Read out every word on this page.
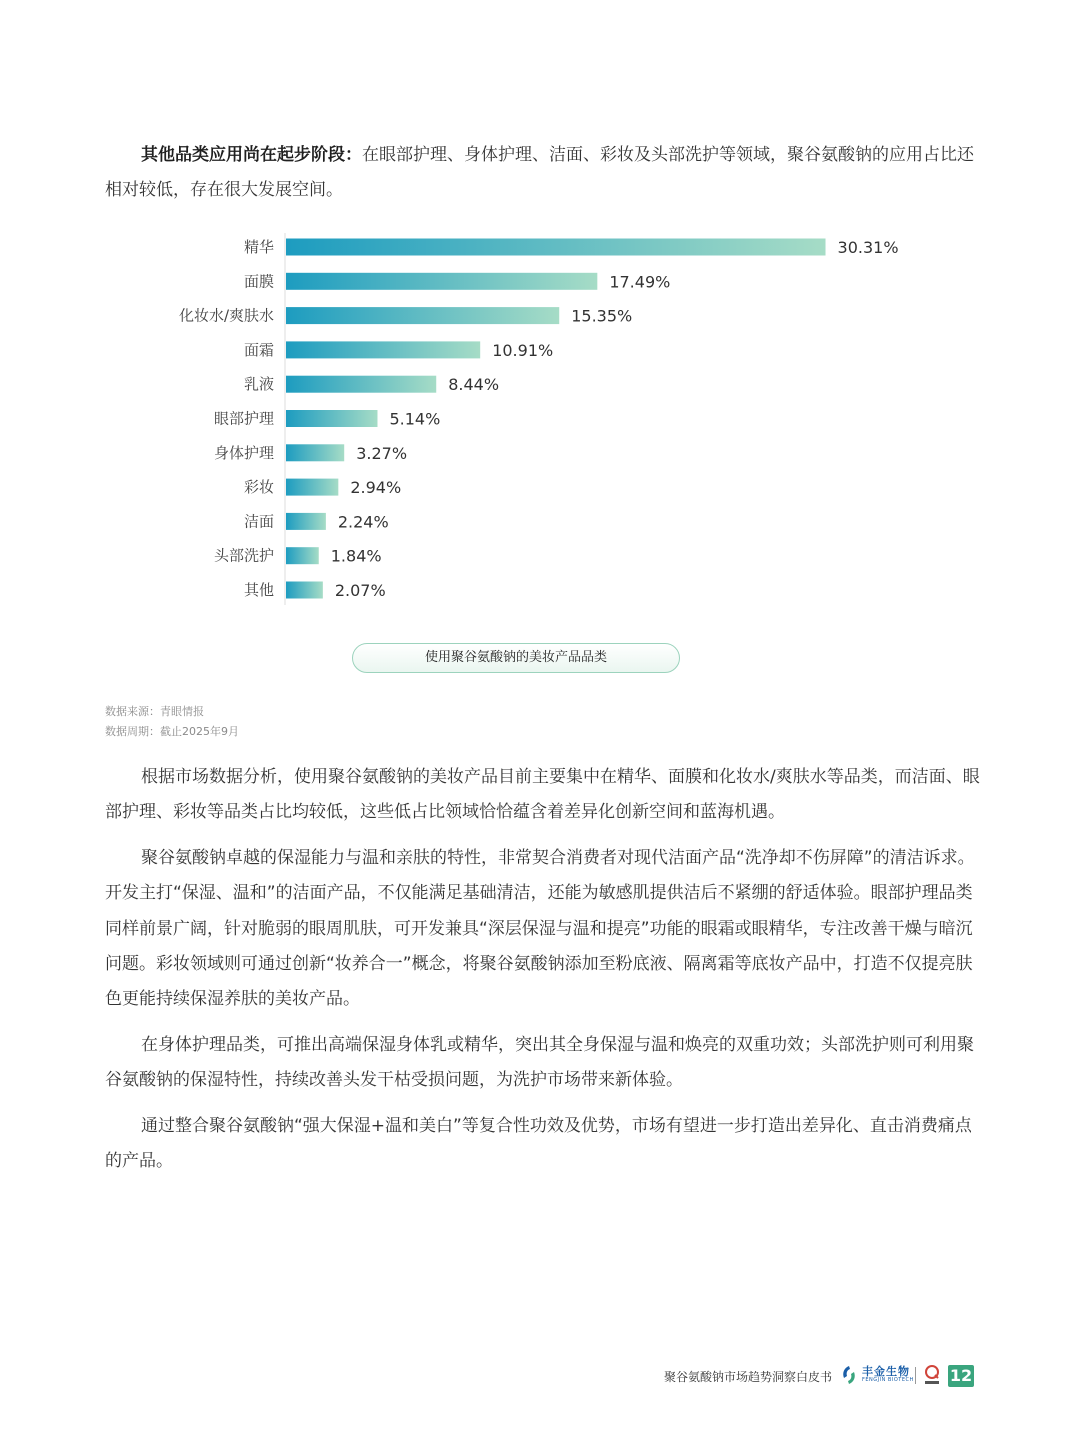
其他品类应用尚在起步阶段：在眼部护理、身体护理、洁面、彩妆及头部洗护等领域，聚谷氨酸钠的应用占比还相对较低，存在很大发展空间。

精华	30.31%
面膜	17.49%
化妆水/爽肤水	15.35%
面霜	10.91%
乳液	8.44%
眼部护理	5.14%
身体护理	3.27%
彩妆	2.94%
洁面	2.24%
头部洗护	1.84%
其他	2.07%
使用聚谷氨酸钠的美妆产品品类
数据来源：青眼情报
数据周期：截止2025年9月

根据市场数据分析，使用聚谷氨酸钠的美妆产品目前主要集中在精华、面膜和化妆水/爽肤水等品类，而洁面、眼部护理、彩妆等品类占比均较低，这些低占比领域恰恰蕴含着差异化创新空间和蓝海机遇。

聚谷氨酸钠卓越的保湿能力与温和亲肤的特性，非常契合消费者对现代洁面产品“洗净却不伤屏障”的清洁诉求。开发主打“保湿、温和”的洁面产品，不仅能满足基础清洁，还能为敏感肌提供洁后不紧绷的舒适体验。眼部护理品类同样前景广阔，针对脆弱的眼周肌肤，可开发兼具“深层保湿与温和提亮”功能的眼霜或眼精华，专注改善干燥与暗沉问题。彩妆领域则可通过创新“妆养合一”概念，将聚谷氨酸钠添加至粉底液、隔离霜等底妆产品中，打造不仅提亮肤色更能持续保湿养肤的美妆产品。

在身体护理品类，可推出高端保湿身体乳或精华，突出其全身保湿与温和焕亮的双重功效；头部洗护则可利用聚谷氨酸钠的保湿特性，持续改善头发干枯受损问题，为洗护市场带来新体验。

通过整合聚谷氨酸钠“强大保湿+温和美白”等复合性功效及优势，市场有望进一步打造出差异化、直击消费痛点的产品。

聚谷氨酸钠市场趋势洞察白皮书	丰金生物
FENGJIN BIOTECH 12
